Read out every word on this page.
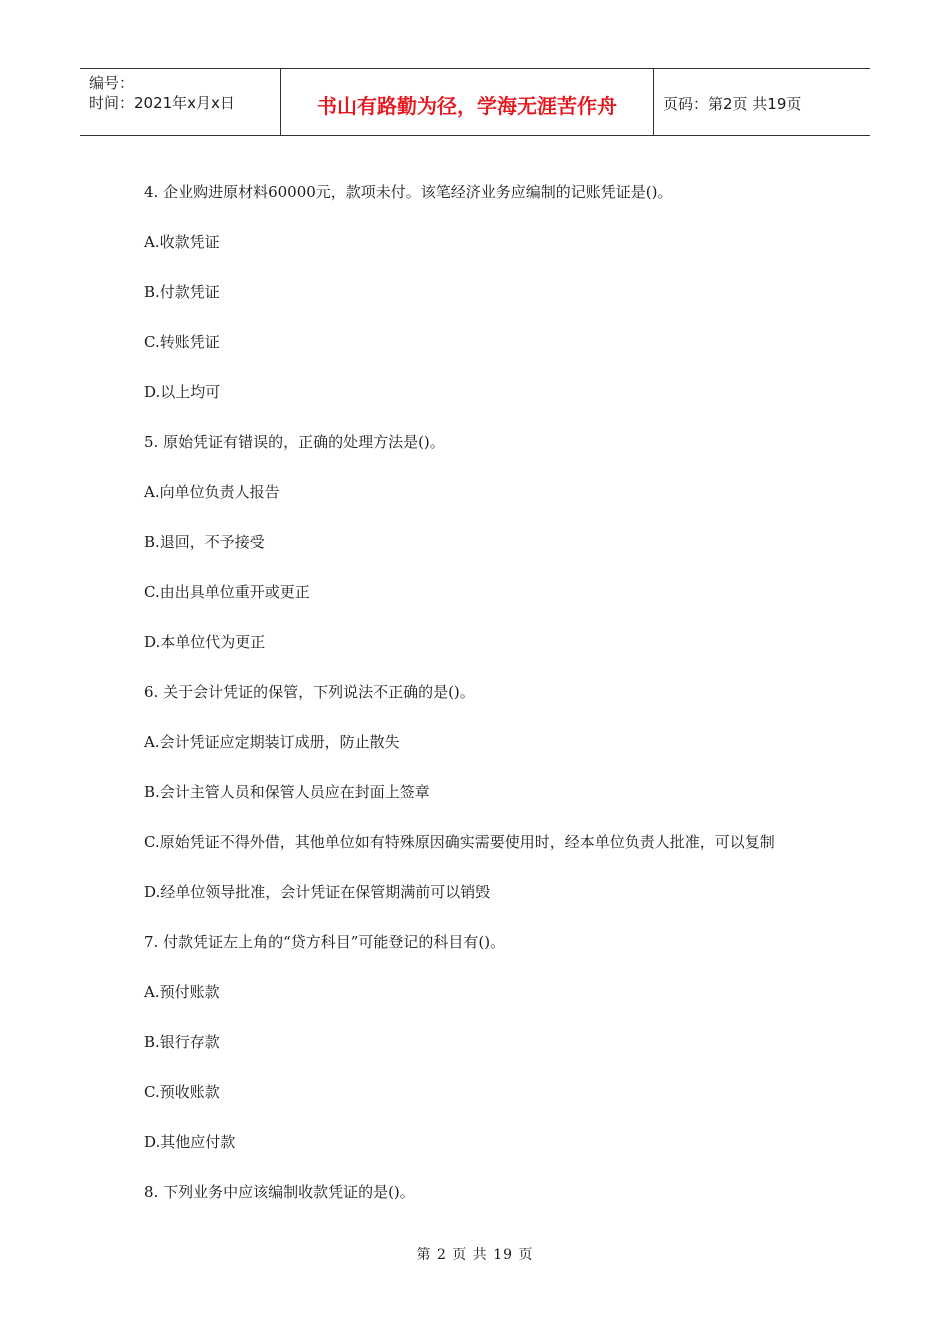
编号：
时间：2021年x月x日	书山有路勤为径，学海无涯苦作舟	页码：第2页 共19页

4. 企业购进原材料60000元，款项未付。该笔经济业务应编制的记账凭证是()。

A.收款凭证

B.付款凭证

C.转账凭证

D.以上均可

5. 原始凭证有错误的，正确的处理方法是()。

A.向单位负责人报告

B.退回，不予接受

C.由出具单位重开或更正

D.本单位代为更正

6. 关于会计凭证的保管，下列说法不正确的是()。

A.会计凭证应定期装订成册，防止散失

B.会计主管人员和保管人员应在封面上签章

C.原始凭证不得外借，其他单位如有特殊原因确实需要使用时，经本单位负责人批准，可以复制

D.经单位领导批准，会计凭证在保管期满前可以销毁

7. 付款凭证左上角的“贷方科目”可能登记的科目有()。

A.预付账款

B.银行存款

C.预收账款

D.其他应付款

8. 下列业务中应该编制收款凭证的是()。

第 2 页 共 19 页
